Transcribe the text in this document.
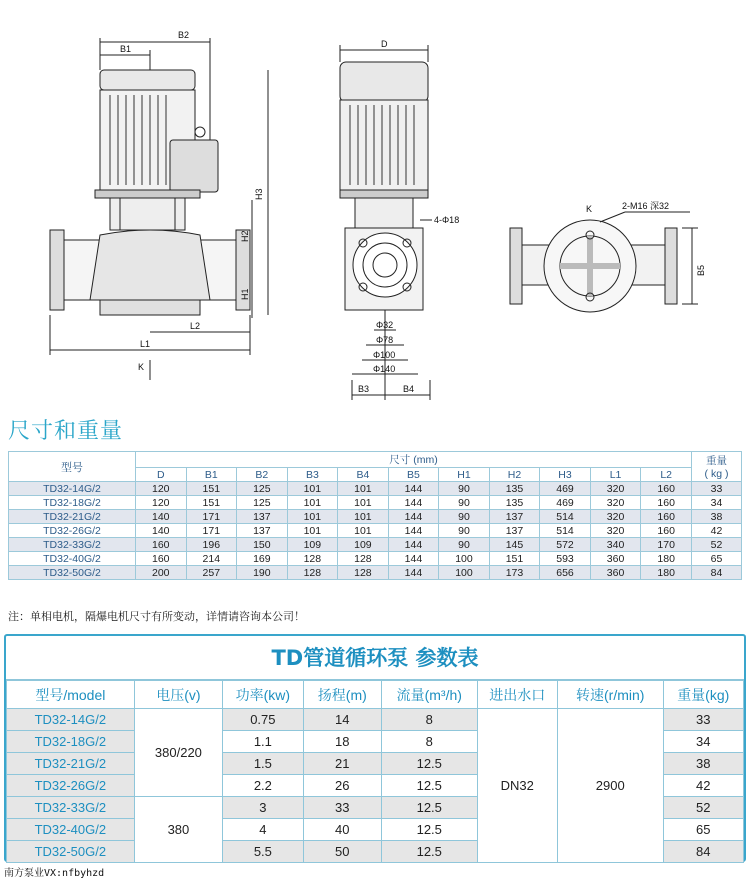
B2
B1
H3
H2
H1
L2
L1
K
D
4-Φ18
Φ32
Φ78
Φ100
Φ140
B3	B4
K	2-M16 深32
B5
尺寸和重量
型号	尺寸 (mm)											重量
( kg )

	D	B1	B2	B3	B4	B5	H1	H2	H3	L1	L2	
TD32-14G/2	120	151	125	101	101	144	90	135	469	320	160	33
TD32-18G/2	120	151	125	101	101	144	90	135	469	320	160	34
TD32-21G/2	140	171	137	101	101	144	90	137	514	320	160	38
TD32-26G/2	140	171	137	101	101	144	90	137	514	320	160	42
TD32-33G/2	160	196	150	109	109	144	90	145	572	340	170	52
TD32-40G/2	160	214	169	128	128	144	100	151	593	360	180	65
TD32-50G/2	200	257	190	128	128	144	100	173	656	360	180	84
注：单相电机，隔爆电机尺寸有所变动，详情请咨询本公司！
TD管道循环泵 参数表
型号/model	电压(v)	功率(kw)	扬程(m)	流量(m³/h)	进出水口	转速(r/min)	重量(kg)
TD32-14G/2	380/220	0.75	14	8	DN32	2900	33
TD32-18G/2		1.1	18	8			34
TD32-21G/2		1.5	21	12.5			38
TD32-26G/2		2.2	26	12.5			42
TD32-33G/2	380	3	33	12.5			52
TD32-40G/2		4	40	12.5			65
TD32-50G/2		5.5	50	12.5			84
南方泵业VX:nfbyhzd
